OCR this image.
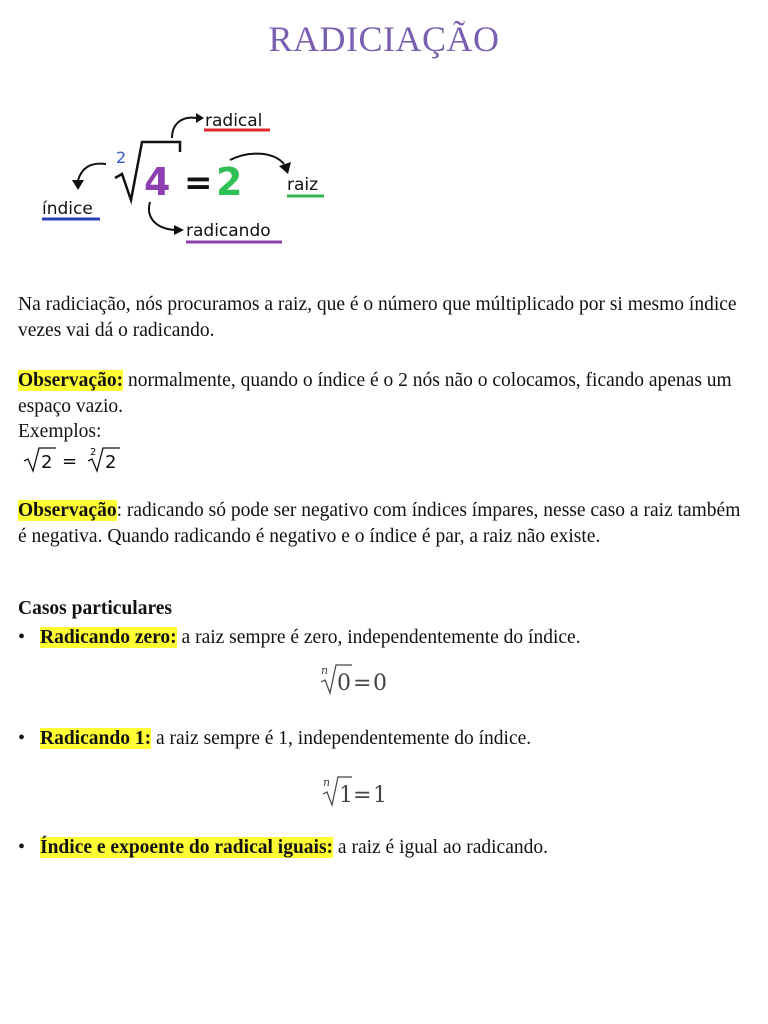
RADICIAÇÃO
radical
2
4 = 2
índice
raiz
radicando

Na radiciação, nós procuramos a raiz, que é o número que múltiplicado por si mesmo índice vezes vai dá o radicando.

Observação: normalmente, quando o índice é o 2 nós não o colocamos, ficando apenas um espaço vazio.

Exemplos:

2 = 2 2

Observação: radicando só pode ser negativo com índices ímpares, nesse caso a raiz também é negativa. Quando radicando é negativo e o índice é par, a raiz não existe.

Casos particulares

• Radicando zero: a raiz sempre é zero, independentemente do índice.

n
0 = 0

• Radicando 1: a raiz sempre é 1, independentemente do índice.

n
1 = 1

• Índice e expoente do radical iguais: a raiz é igual ao radicando.
